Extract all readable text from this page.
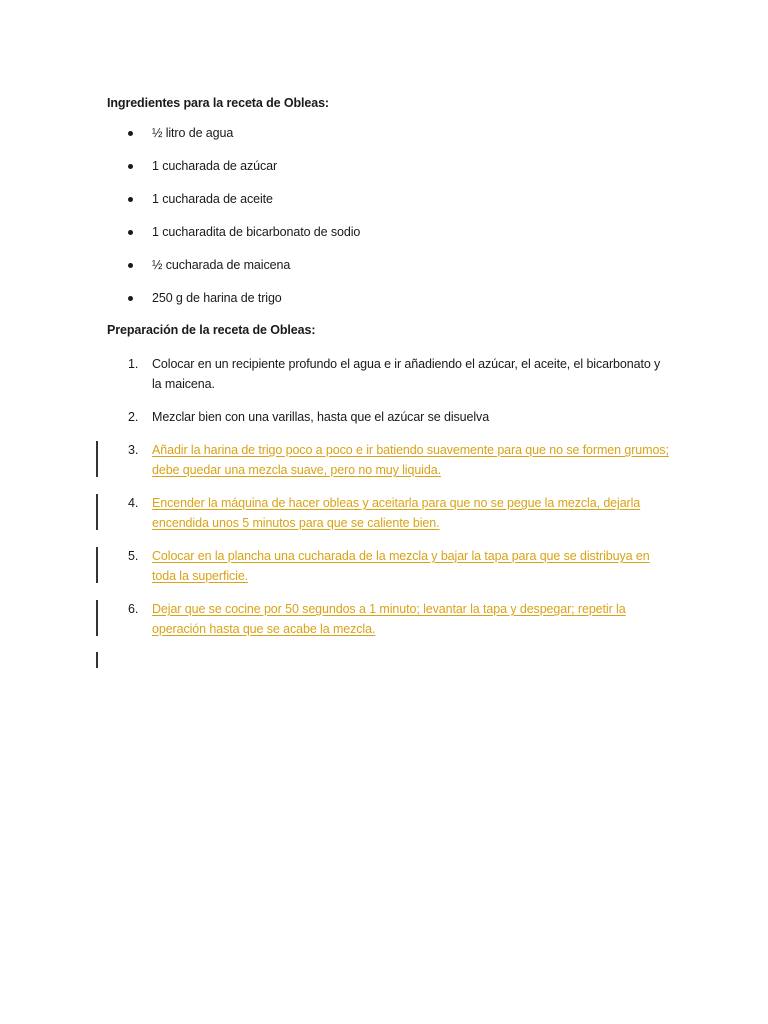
Ingredientes para la receta de Obleas:
½ litro de agua
1 cucharada de azúcar
1 cucharada de aceite
1 cucharadita de bicarbonato de sodio
½ cucharada de maicena
250 g de harina de trigo
Preparación de la receta de Obleas:
1. Colocar en un recipiente profundo el agua e ir añadiendo el azúcar, el aceite, el bicarbonato y la maicena.
2. Mezclar bien con una varillas, hasta que el azúcar se disuelva
3. Añadir la harina de trigo poco a poco e ir batiendo suavemente para que no se formen grumos; debe quedar una mezcla suave, pero no muy liquida.
4. Encender la máquina de hacer obleas y aceitarla para que no se pegue la mezcla, dejarla encendida unos 5 minutos para que se caliente bien.
5. Colocar en la plancha una cucharada de la mezcla y bajar la tapa para que se distribuya en toda la superficie.
6. Dejar que se cocine por 50 segundos a 1 minuto; levantar la tapa y despegar; repetir la operación hasta que se acabe la mezcla.
